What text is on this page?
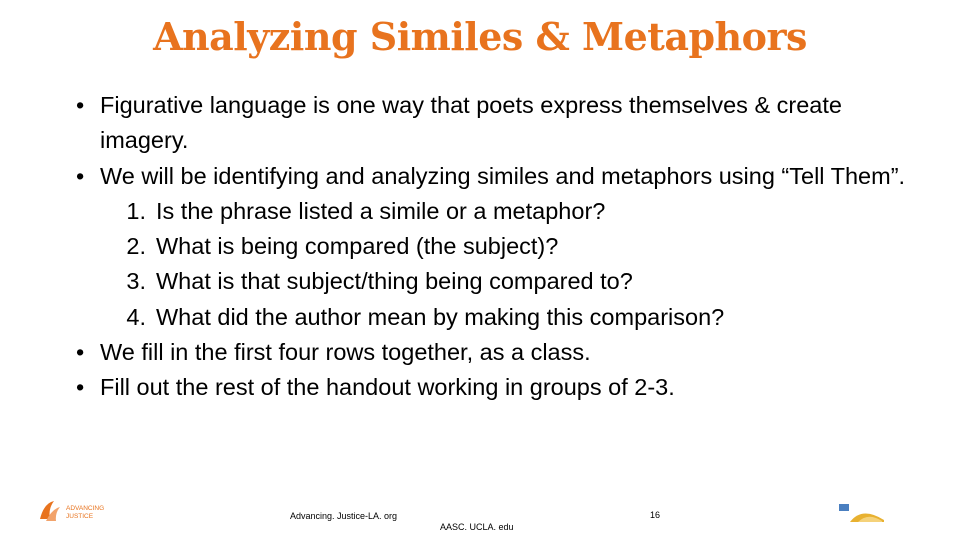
Analyzing Similes & Metaphors
• Figurative language is one way that poets express themselves & create imagery.
• We will be identifying and analyzing similes and metaphors using “Tell Them”.
1. Is the phrase listed a simile or a metaphor?
2. What is being compared (the subject)?
3. What is that subject/thing being compared to?
4. What did the author mean by making this comparison?
• We fill in the first four rows together, as a class.
• Fill out the rest of the handout working in groups of 2-3.
ADVANCING
JUSTICE	Advancing. Justice-LA. org
AASC. UCLA. edu
16
